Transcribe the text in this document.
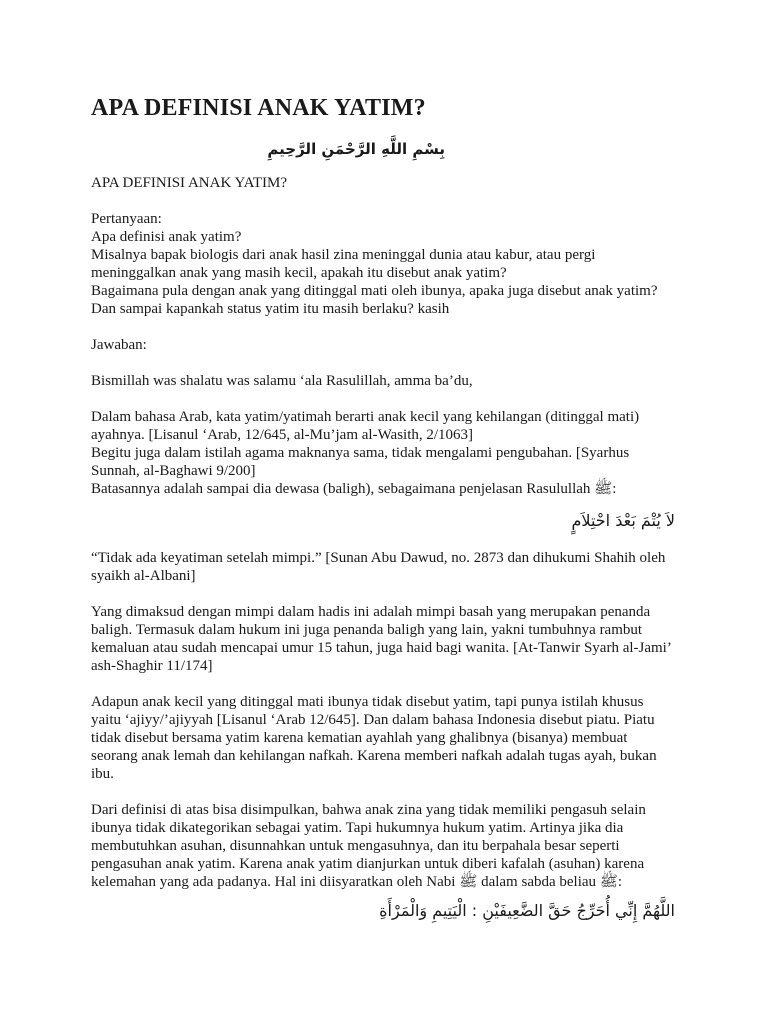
APA DEFINISI ANAK YATIM?
بِسْمِ اللَّهِ الرَّحْمَنِ الرَّحِيمِ

APA DEFINISI ANAK YATIM?

Pertanyaan:
Apa definisi anak yatim?
Misalnya bapak biologis dari anak hasil zina meninggal dunia atau kabur, atau pergi
meninggalkan anak yang masih kecil, apakah itu disebut anak yatim?
Bagaimana pula dengan anak yang ditinggal mati oleh ibunya, apaka juga disebut anak yatim?
Dan sampai kapankah status yatim itu masih berlaku? kasih

Jawaban:

Bismillah was shalatu was salamu ‘ala Rasulillah, amma ba’du,

Dalam bahasa Arab, kata yatim/yatimah berarti anak kecil yang kehilangan (ditinggal mati)
ayahnya. [Lisanul ‘Arab, 12/645, al-Mu’jam al-Wasith, 2/1063]
Begitu juga dalam istilah agama maknanya sama, tidak mengalami pengubahan. [Syarhus
Sunnah, al-Baghawi 9/200]
Batasannya adalah sampai dia dewasa (baligh), sebagaimana penjelasan Rasulullah ﷺ:
لاَ يُتْمَ بَعْدَ احْتِلاَمٍ
“Tidak ada keyatiman setelah mimpi.” [Sunan Abu Dawud, no. 2873 dan dihukumi Shahih oleh
syaikh al-Albani]
Yang dimaksud dengan mimpi dalam hadis ini adalah mimpi basah yang merupakan penanda
baligh. Termasuk dalam hukum ini juga penanda baligh yang lain, yakni tumbuhnya rambut
kemaluan atau sudah mencapai umur 15 tahun, juga haid bagi wanita. [At-Tanwir Syarh al-Jami’
ash-Shaghir 11/174]
Adapun anak kecil yang ditinggal mati ibunya tidak disebut yatim, tapi punya istilah khusus
yaitu ‘ajiyy/’ajiyyah [Lisanul ‘Arab 12/645]. Dan dalam bahasa Indonesia disebut piatu. Piatu
tidak disebut bersama yatim karena kematian ayahlah yang ghalibnya (bisanya) membuat
seorang anak lemah dan kehilangan nafkah. Karena memberi nafkah adalah tugas ayah, bukan
ibu.
Dari definisi di atas bisa disimpulkan, bahwa anak zina yang tidak memiliki pengasuh selain
ibunya tidak dikategorikan sebagai yatim. Tapi hukumnya hukum yatim. Artinya jika dia
membutuhkan asuhan, disunnahkan untuk mengasuhnya, dan itu berpahala besar seperti
pengasuhan anak yatim. Karena anak yatim dianjurkan untuk diberi kafalah (asuhan) karena
kelemahan yang ada padanya. Hal ini diisyaratkan oleh Nabi ﷺ dalam sabda beliau ﷺ:
اللَّهُمَّ إِنِّي أُحَرِّجُ حَقَّ الضَّعِيفَيْنِ : الْيَتِيمِ وَالْمَرْأَةِ
